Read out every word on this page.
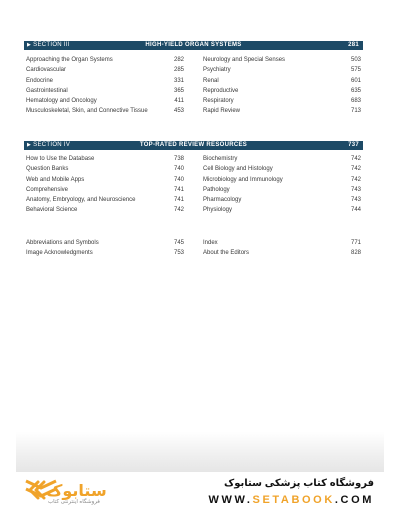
▶ SECTION III	HIGH-YIELD ORGAN SYSTEMS	281
Approaching the Organ Systems	282
Cardiovascular	285
Endocrine	331
Gastrointestinal	365
Hematology and Oncology	411
Musculoskeletal, Skin, and Connective Tissue	453
Neurology and Special Senses	503
Psychiatry	575
Renal	601
Reproductive	635
Respiratory	683
Rapid Review	713
▶ SECTION IV	TOP-RATED REVIEW RESOURCES	737
How to Use the Database	738
Question Banks	740
Web and Mobile Apps	740
Comprehensive	741
Anatomy, Embryology, and Neuroscience	741
Behavioral Science	742
Biochemistry	742
Cell Biology and Histology	742
Microbiology and Immunology	742
Pathology	743
Pharmacology	743
Physiology	744
Abbreviations and Symbols	745
Image Acknowledgments	753
Index	771
About the Editors	828
ستابوک
فروشگاه اینترنتی کتاب
فروشگاه کتاب پزشکی ستابوک
WWW.SETABOOK.COM
